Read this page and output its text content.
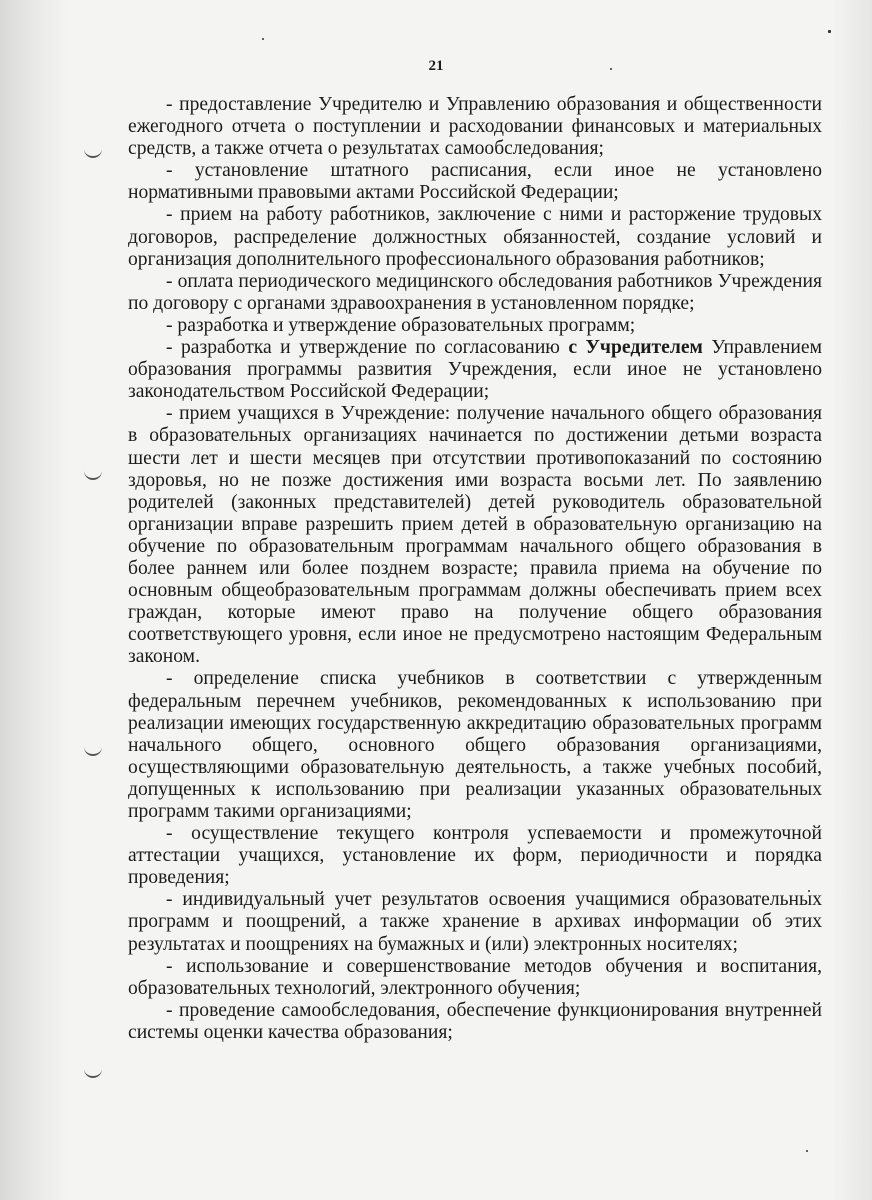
21

- предоставление Учредителю и Управлению образования и общественности ежегодного отчета о поступлении и расходовании финансовых и материальных средств, а также отчета о результатах самообследования;

- установление штатного расписания, если иное не установлено нормативными правовыми актами Российской Федерации;

- прием на работу работников, заключение с ними и расторжение трудовых договоров, распределение должностных обязанностей, создание условий и организация дополнительного профессионального образования работников;

- оплата периодического медицинского обследования работников Учреждения по договору с органами здравоохранения в установленном порядке;

- разработка и утверждение образовательных программ;

- разработка и утверждение по согласованию с Учредителем Управлением образования программы развития Учреждения, если иное не установлено законодательством Российской Федерации;

- прием учащихся в Учреждение: получение начального общего образования в образовательных организациях начинается по достижении детьми возраста шести лет и шести месяцев при отсутствии противопоказаний по состоянию здоровья, но не позже достижения ими возраста восьми лет. По заявлению родителей (законных представителей) детей руководитель образовательной организации вправе разрешить прием детей в образовательную организацию на обучение по образовательным программам начального общего образования в более раннем или более позднем возрасте; правила приема на обучение по основным общеобразовательным программам должны обеспечивать прием всех граждан, которые имеют право на получение общего образования соответствующего уровня, если иное не предусмотрено настоящим Федеральным законом.

- определение списка учебников в соответствии с утвержденным федеральным перечнем учебников, рекомендованных к использованию при реализации имеющих государственную аккредитацию образовательных программ начального общего, основного общего образования организациями, осуществляющими образовательную деятельность, а также учебных пособий, допущенных к использованию при реализации указанных образовательных программ такими организациями;

- осуществление текущего контроля успеваемости и промежуточной аттестации учащихся, установление их форм, периодичности и порядка проведения;

- индивидуальный учет результатов освоения учащимися образовательных программ и поощрений, а также хранение в архивах информации об этих результатах и поощрениях на бумажных и (или) электронных носителях;

- использование и совершенствование методов обучения и воспитания, образовательных технологий, электронного обучения;

- проведение самообследования, обеспечение функционирования внутренней системы оценки качества образования;
